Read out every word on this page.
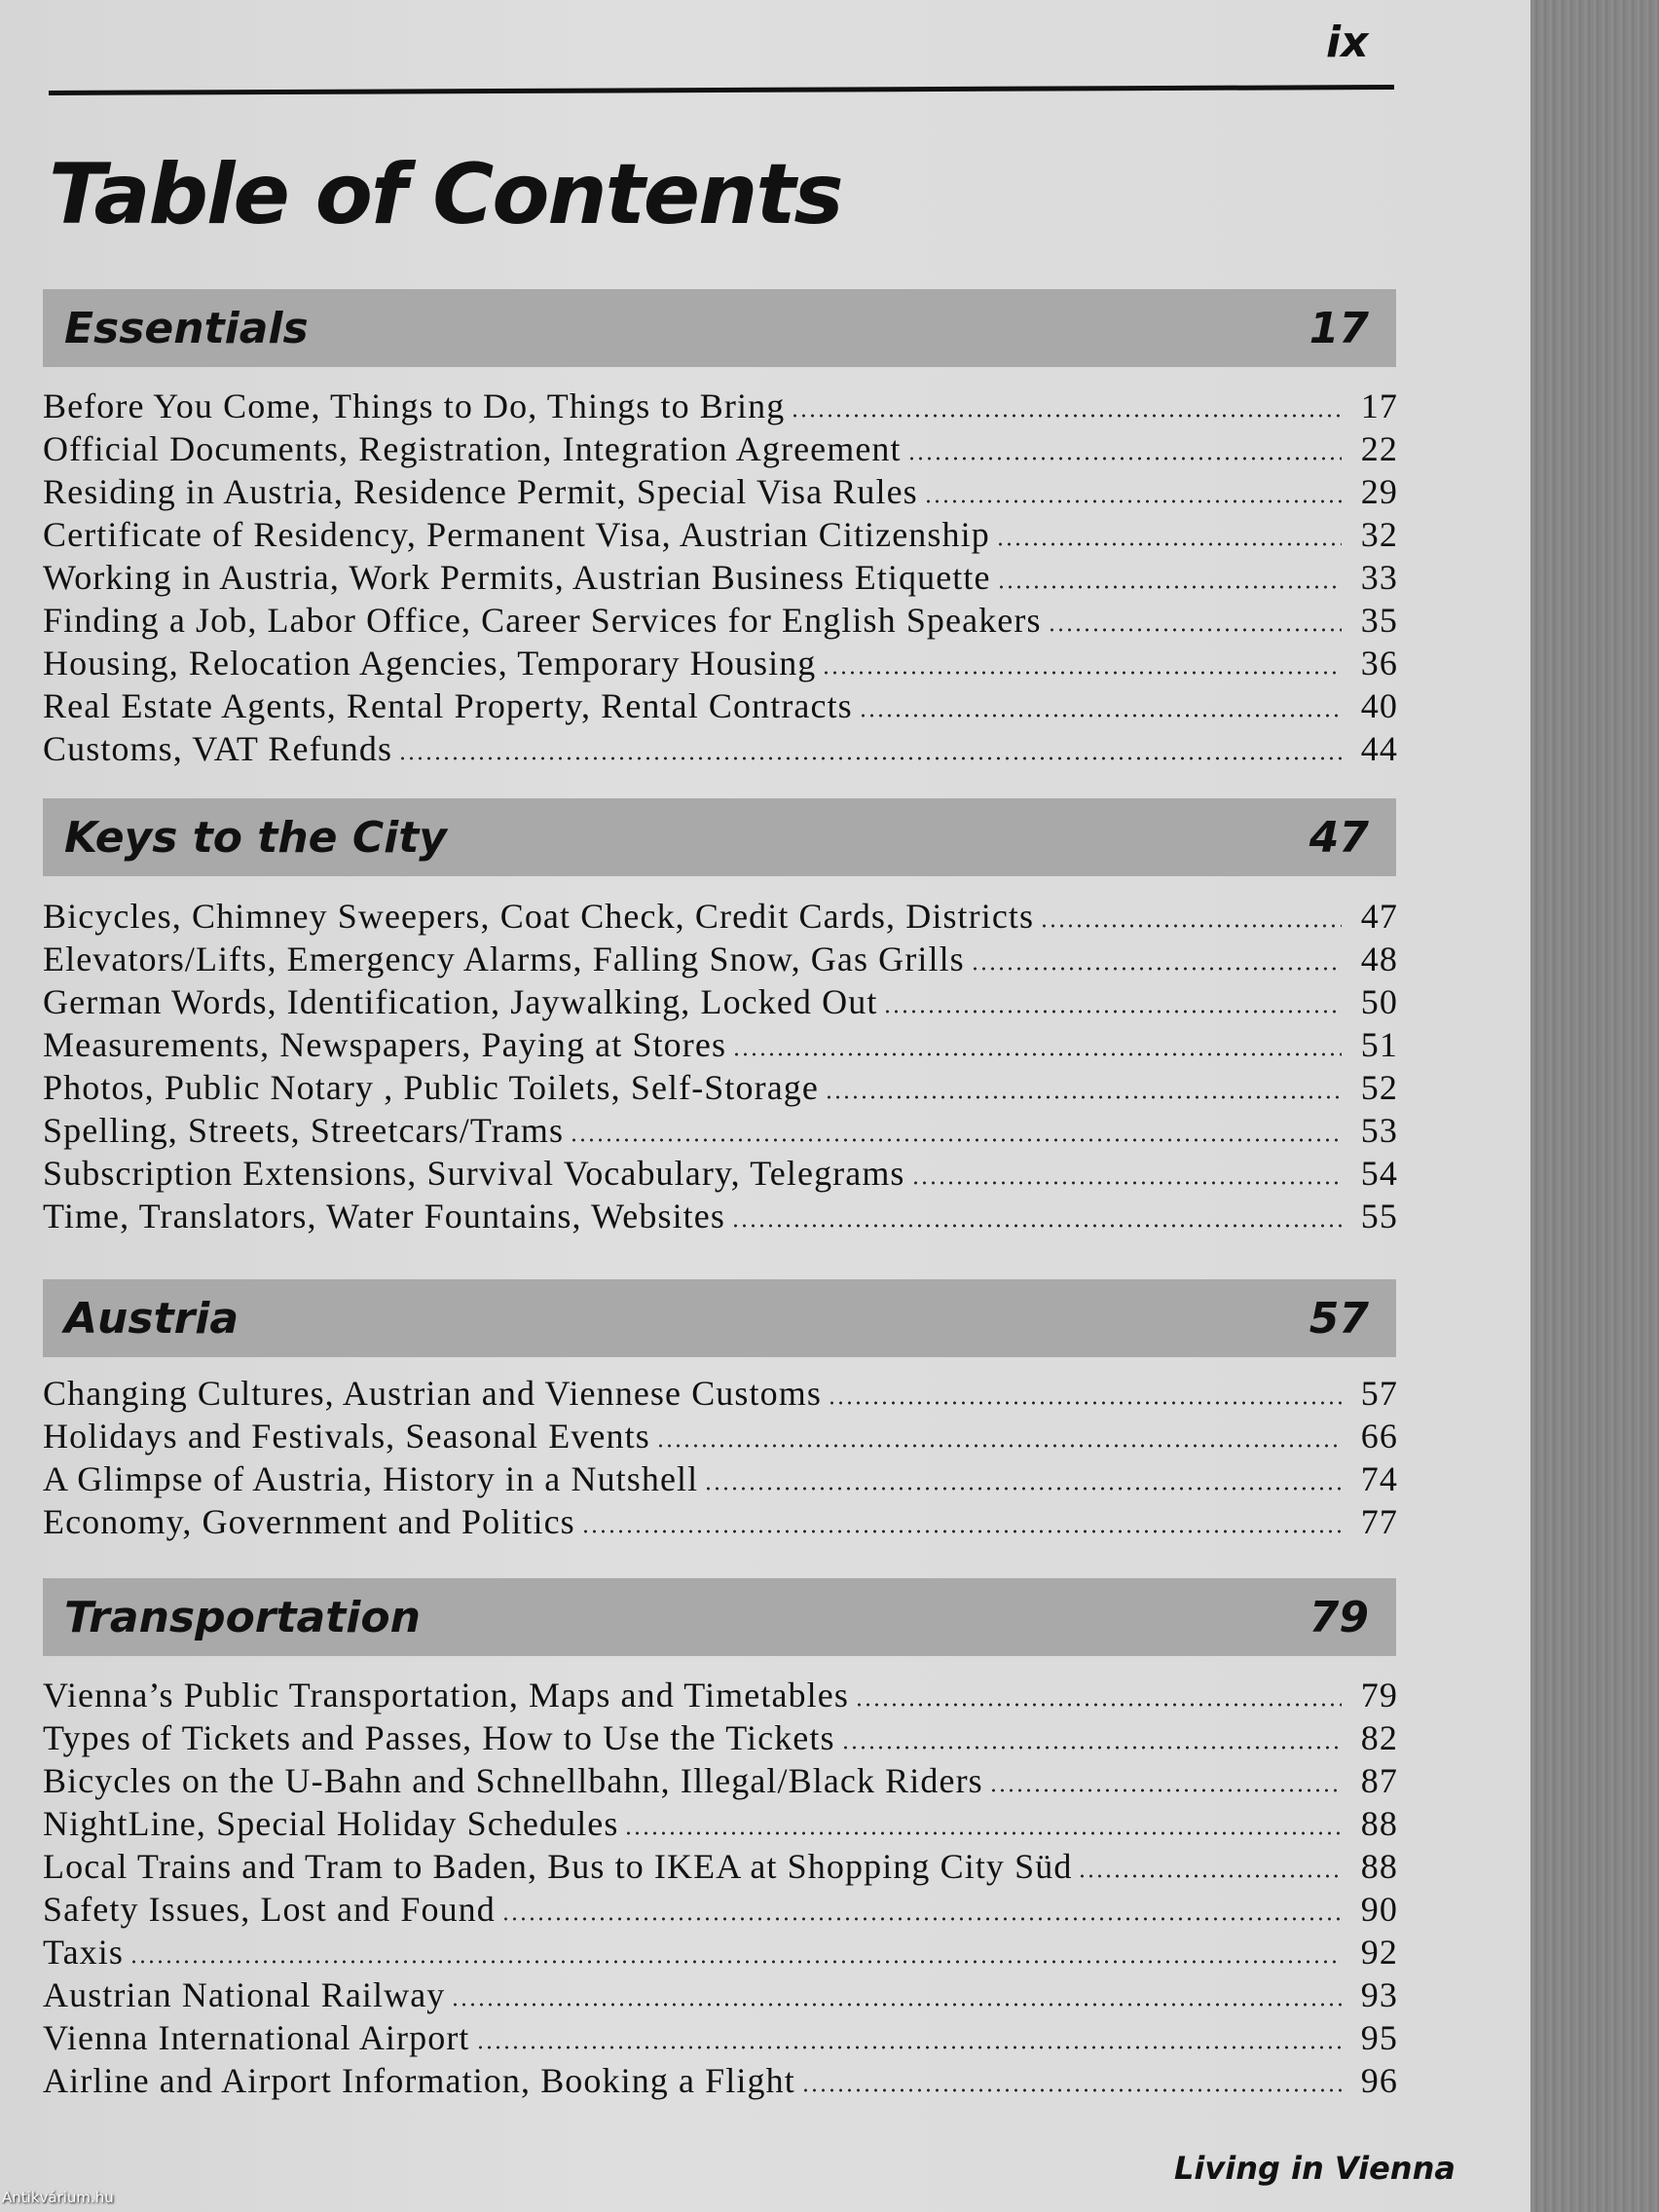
ix
Table of Contents
Essentials	17
Before You Come, Things to Do, Things to Bring	17
Official Documents, Registration, Integration Agreement	22
Residing in Austria, Residence Permit, Special Visa Rules	29
Certificate of Residency, Permanent Visa, Austrian Citizenship	32
Working in Austria, Work Permits, Austrian Business Etiquette	33
Finding a Job, Labor Office, Career Services for English Speakers	35
Housing, Relocation Agencies, Temporary Housing	36
Real Estate Agents, Rental Property, Rental Contracts	40
Customs, VAT Refunds	44
Keys to the City	47
Bicycles, Chimney Sweepers, Coat Check, Credit Cards, Districts	47
Elevators/Lifts, Emergency Alarms, Falling Snow, Gas Grills	48
German Words, Identification, Jaywalking, Locked Out	50
Measurements, Newspapers, Paying at Stores	51
Photos, Public Notary , Public Toilets, Self-Storage	52
Spelling, Streets, Streetcars/Trams	53
Subscription Extensions, Survival Vocabulary, Telegrams	54
Time, Translators, Water Fountains, Websites	55
Austria	57
Changing Cultures, Austrian and Viennese Customs	57
Holidays and Festivals, Seasonal Events	66
A Glimpse of Austria, History in a Nutshell	74
Economy, Government and Politics	77
Transportation	79
Vienna’s Public Transportation, Maps and Timetables	79
Types of Tickets and Passes, How to Use the Tickets	82
Bicycles on the U-Bahn and Schnellbahn, Illegal/Black Riders	87
NightLine, Special Holiday Schedules	88
Local Trains and Tram to Baden, Bus to IKEA at Shopping City Süd	88
Safety Issues, Lost and Found	90
Taxis	92
Austrian National Railway	93
Vienna International Airport	95
Airline and Airport Information, Booking a Flight	96
Living in Vienna
Antikvárium.hu
